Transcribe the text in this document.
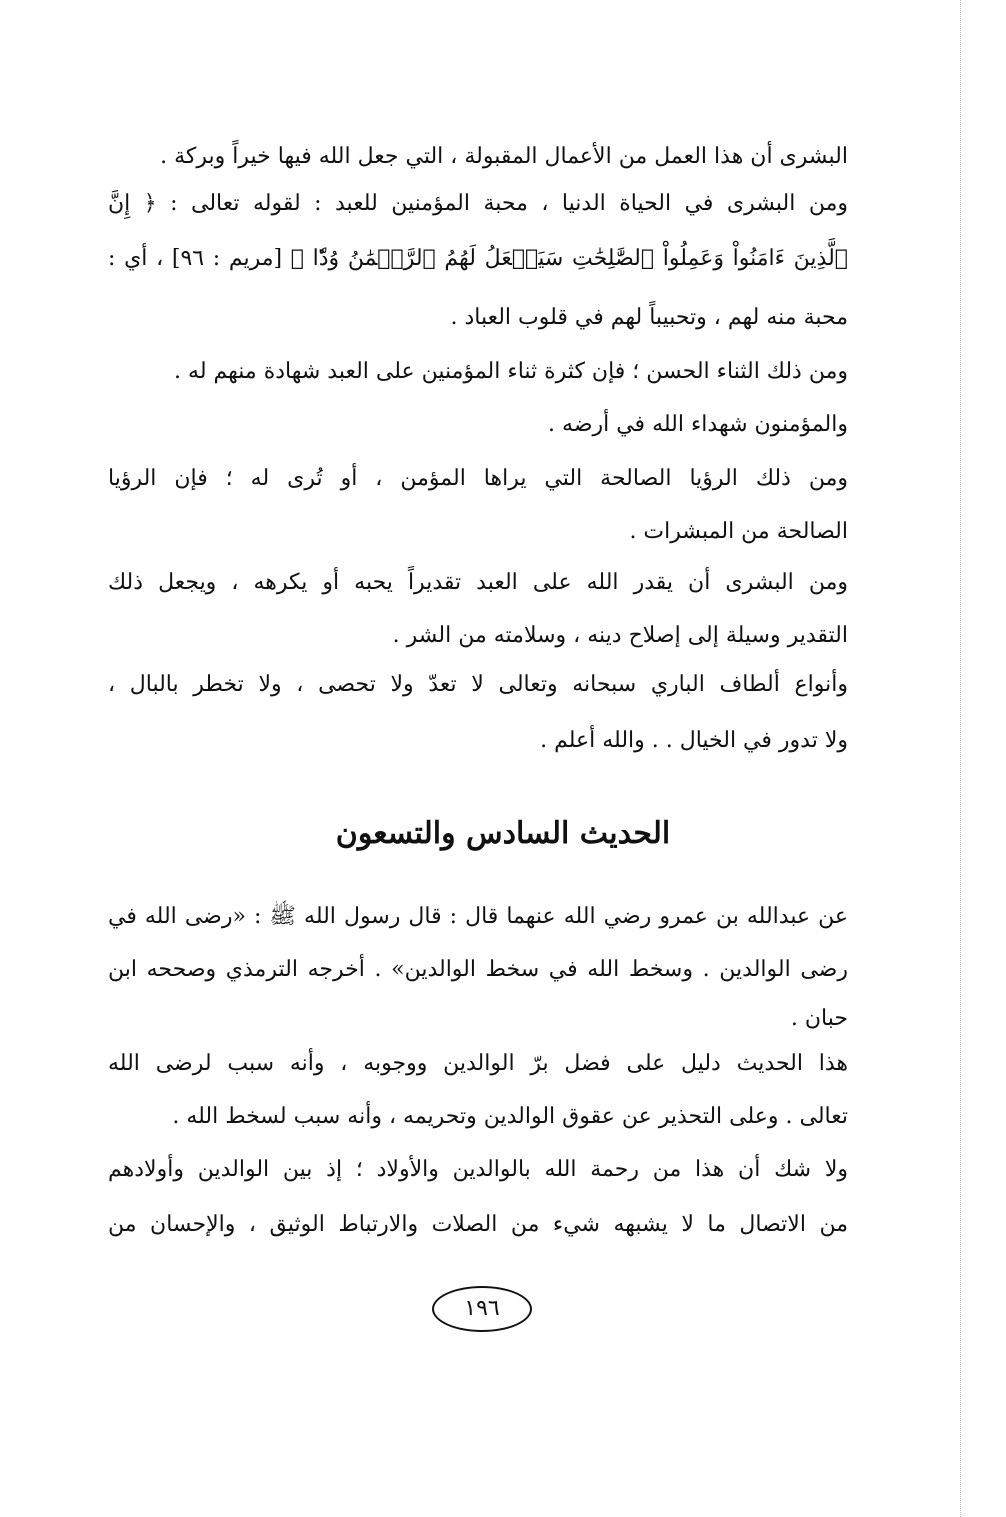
البشرى أن هذا العمل من الأعمال المقبولة ، التي جعل الله فيها خيراً وبركة .
ومن البشرى في الحياة الدنيا ، محبة المؤمنين للعبد : لقوله تعالى : ﴿ إِنَّ
ٱلَّذِينَ ءَامَنُواْ وَعَمِلُواْ ٱلصَّٰلِحَٰتِ سَيَجۡعَلُ لَهُمُ ٱلرَّحۡمَٰنُ وُدّٗا ﴾ [مريم : ٩٦] ، أي :
محبة منه لهم ، وتحبيباً لهم في قلوب العباد .
ومن ذلك الثناء الحسن ؛ فإن كثرة ثناء المؤمنين على العبد شهادة منهم له .
والمؤمنون شهداء الله في أرضه .
ومن ذلك الرؤيا الصالحة التي يراها المؤمن ، أو تُرى له ؛ فإن الرؤيا
الصالحة من المبشرات .
ومن البشرى أن يقدر الله على العبد تقديراً يحبه أو يكرهه ، ويجعل ذلك
التقدير وسيلة إلى إصلاح دينه ، وسلامته من الشر .
وأنواع ألطاف الباري سبحانه وتعالى لا تعدّ ولا تحصى ، ولا تخطر بالبال ،
ولا تدور في الخيال . . والله أعلم .
الحديث السادس والتسعون
عن عبدالله بن عمرو رضي الله عنهما قال : قال رسول الله ﷺ : «رضى الله في
رضى الوالدين . وسخط الله في سخط الوالدين» . أخرجه الترمذي وصححه ابن
حبان .
هذا الحديث دليل على فضل برّ الوالدين ووجوبه ، وأنه سبب لرضى الله
تعالى . وعلى التحذير عن عقوق الوالدين وتحريمه ، وأنه سبب لسخط الله .
ولا شك أن هذا من رحمة الله بالوالدين والأولاد ؛ إذ بين الوالدين وأولادهم
من الاتصال ما لا يشبهه شيء من الصلات والارتباط الوثيق ، والإحسان من
١٩٦
